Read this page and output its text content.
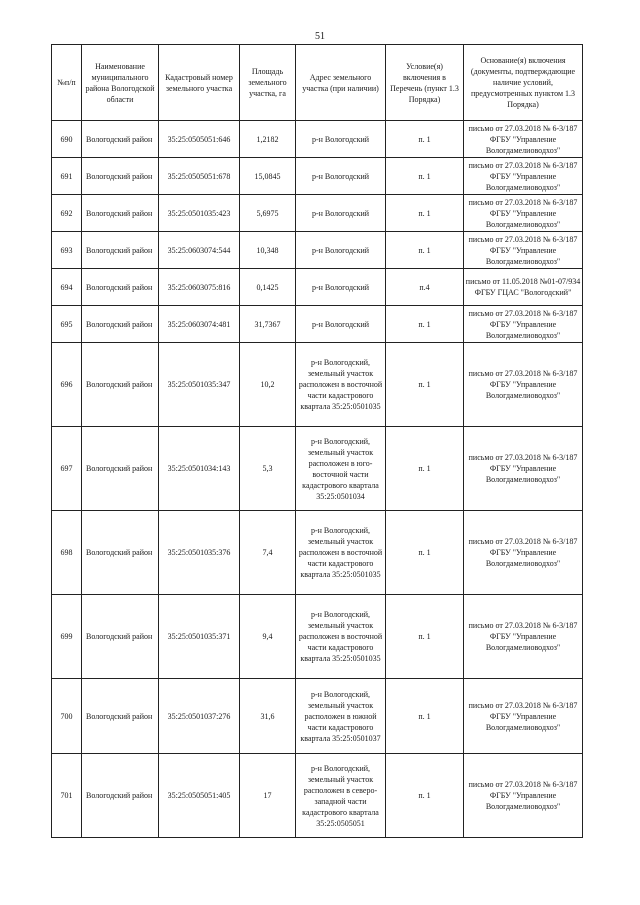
51
№п/п	Наименование муниципального района Вологодской области	Кадастровый номер земельного участка	Площадь земельного участка, га	Адрес земельного участка (при наличии)	Условие(я) включения в Перечень (пункт 1.3 Порядка)	Основание(я) включения (документы, подтверждающие наличие условий, предусмотренных пунктом 1.3 Порядка)
690	Вологодский район	35:25:0505051:646	1,2182	р-н Вологодский	п. 1	письмо от 27.03.2018 № 6-3/187 ФГБУ "Управление Вологдамелиоводхоз"
691	Вологодский район	35:25:0505051:678	15,0845	р-н Вологодский	п. 1	письмо от 27.03.2018 № 6-3/187 ФГБУ "Управление Вологдамелиоводхоз"
692	Вологодский район	35:25:0501035:423	5,6975	р-н Вологодский	п. 1	письмо от 27.03.2018 № 6-3/187 ФГБУ "Управление Вологдамелиоводхоз"
693	Вологодский район	35:25:0603074:544	10,348	р-н Вологодский	п. 1	письмо от 27.03.2018 № 6-3/187 ФГБУ "Управление Вологдамелиоводхоз"
694	Вологодский район	35:25:0603075:816	0,1425	р-н Вологодский	п.4	письмо от 11.05.2018 №01-07/934 ФГБУ ГЦАС "Вологодский"
695	Вологодский район	35:25:0603074:481	31,7367	р-н Вологодский	п. 1	письмо от 27.03.2018 № 6-3/187 ФГБУ "Управление Вологдамелиоводхоз"
696	Вологодский район	35:25:0501035:347	10,2	р-н Вологодский, земельный участок расположен в восточной части кадастрового квартала 35:25:0501035	п. 1	письмо от 27.03.2018 № 6-3/187 ФГБУ "Управление Вологдамелиоводхоз"
697	Вологодский район	35:25:0501034:143	5,3	р-н Вологодский, земельный участок расположен в юго-восточной части кадастрового квартала 35:25:0501034	п. 1	письмо от 27.03.2018 № 6-3/187 ФГБУ "Управление Вологдамелиоводхоз"
698	Вологодский район	35:25:0501035:376	7,4	р-н Вологодский, земельный участок расположен в восточной части кадастрового квартала 35:25:0501035	п. 1	письмо от 27.03.2018 № 6-3/187 ФГБУ "Управление Вологдамелиоводхоз"
699	Вологодский район	35:25:0501035:371	9,4	р-н Вологодский, земельный участок расположен в восточной части кадастрового квартала 35:25:0501035	п. 1	письмо от 27.03.2018 № 6-3/187 ФГБУ "Управление Вологдамелиоводхоз"
700	Вологодский район	35:25:0501037:276	31,6	р-н Вологодский, земельный участок расположен в южной части кадастрового квартала 35:25:0501037	п. 1	письмо от 27.03.2018 № 6-3/187 ФГБУ "Управление Вологдамелиоводхоз"
701	Вологодский район	35:25:0505051:405	17	р-н Вологодский, земельный участок расположен в северо-западной части кадастрового квартала 35:25:0505051	п. 1	письмо от 27.03.2018 № 6-3/187 ФГБУ "Управление Вологдамелиоводхоз"
